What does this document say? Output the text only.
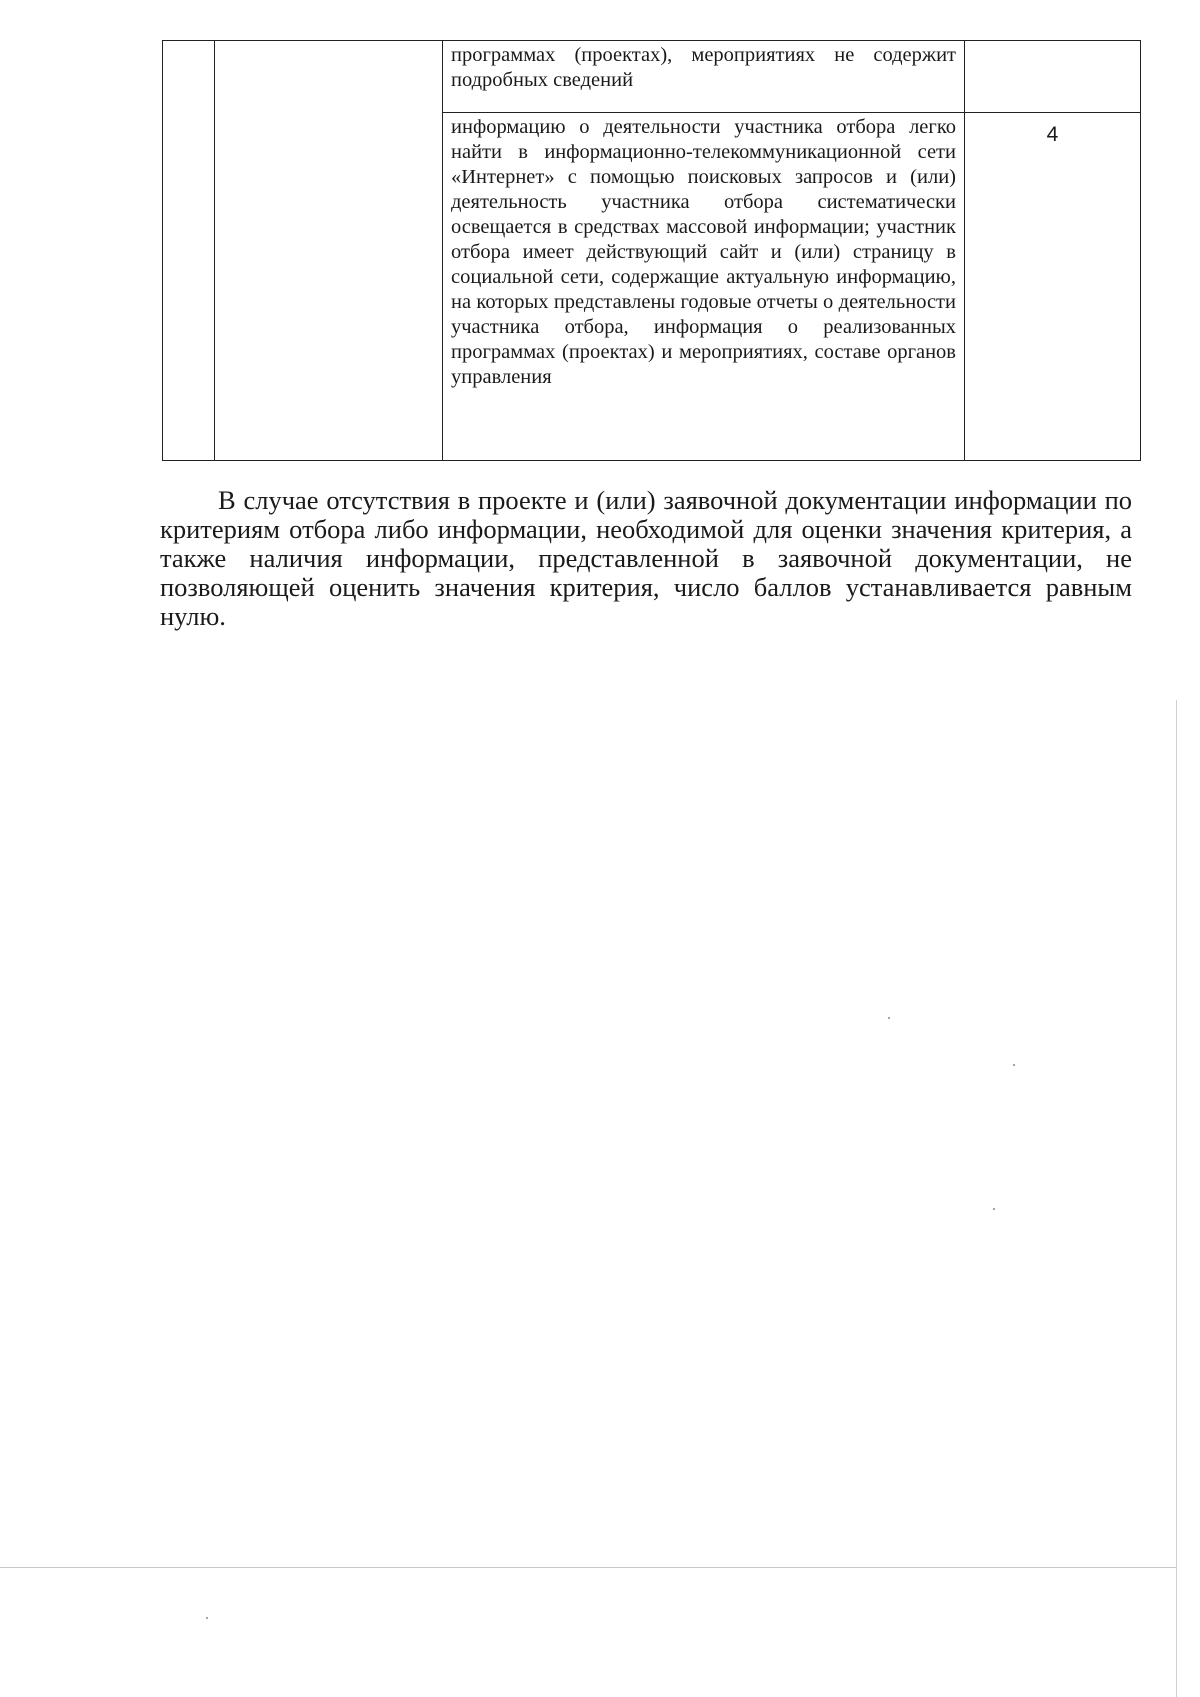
		программах (проектах), мероприятиях не содержит подробных сведений	

		информацию о деятельности участника отбора легко найти в информационно-телекоммуникационной сети «Интернет» с помощью поисковых запросов и (или) деятельность участника отбора систематически освещается в средствах массовой информации; участник отбора имеет действующий сайт и (или) страницу в социальной сети, содержащие актуальную информацию, на которых представлены годовые отчеты о деятельности участника отбора, информация о реализованных программах (проектах) и мероприятиях, составе органов управления	4

В случае отсутствия в проекте и (или) заявочной документации информации по критериям отбора либо информации, необходимой для оценки значения критерия, а также наличия информации, представленной в заявочной документации, не позволяющей оценить значения критерия, число баллов устанавливается равным нулю.
